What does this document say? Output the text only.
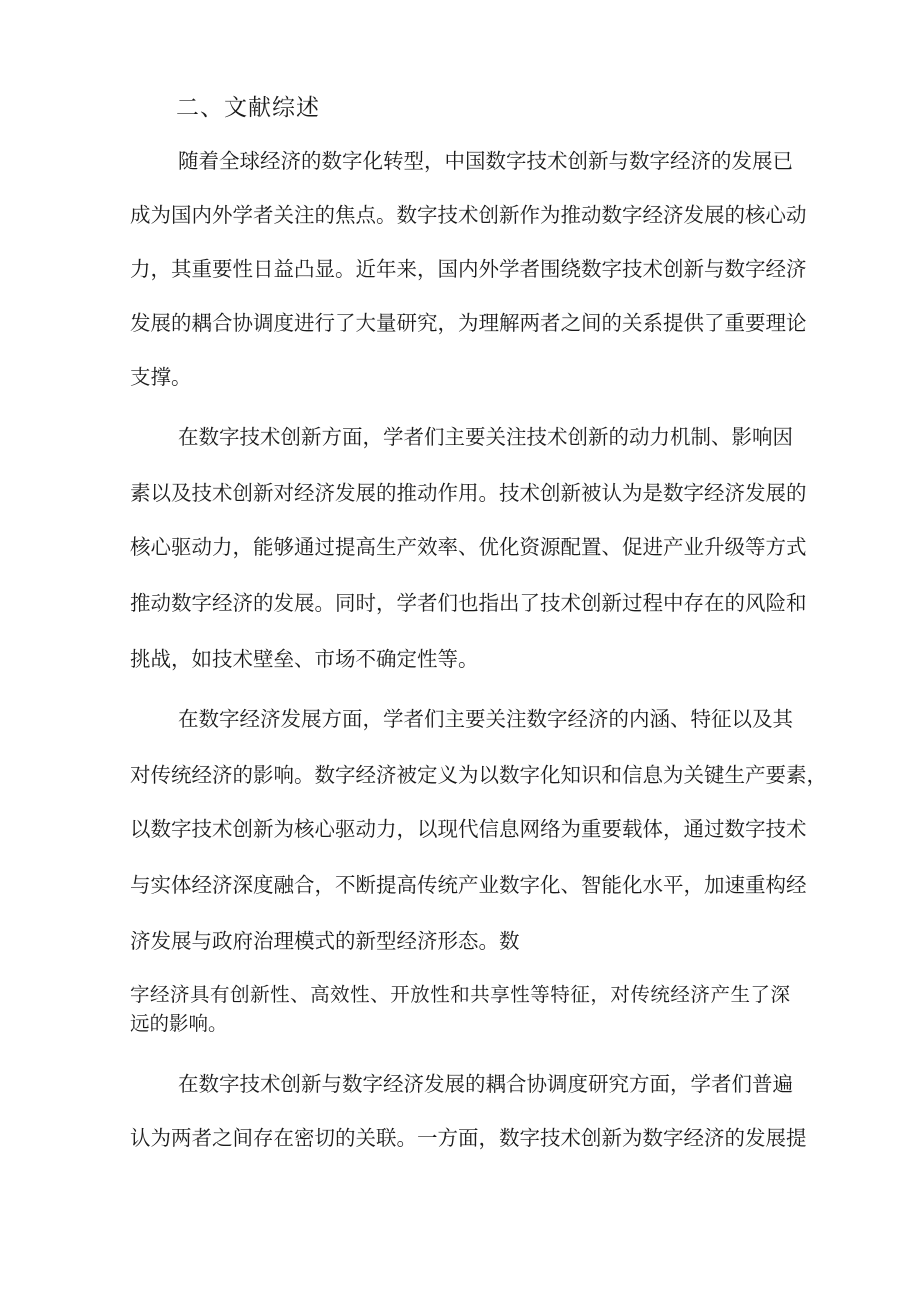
二、文献综述

随着全球经济的数字化转型，中国数字技术创新与数字经济的发展已

成为国内外学者关注的焦点。数字技术创新作为推动数字经济发展的核心动

力，其重要性日益凸显。近年来，国内外学者围绕数字技术创新与数字经济

发展的耦合协调度进行了大量研究，为理解两者之间的关系提供了重要理论

支撑。

在数字技术创新方面，学者们主要关注技术创新的动力机制、影响因

素以及技术创新对经济发展的推动作用。技术创新被认为是数字经济发展的

核心驱动力，能够通过提高生产效率、优化资源配置、促进产业升级等方式

推动数字经济的发展。同时，学者们也指出了技术创新过程中存在的风险和

挑战，如技术壁垒、市场不确定性等。

在数字经济发展方面，学者们主要关注数字经济的内涵、特征以及其

对传统经济的影响。数字经济被定义为以数字化知识和信息为关键生产要素，

以数字技术创新为核心驱动力，以现代信息网络为重要载体，通过数字技术

与实体经济深度融合，不断提高传统产业数字化、智能化水平，加速重构经

济发展与政府治理模式的新型经济形态。数

字经济具有创新性、高效性、开放性和共享性等特征，对传统经济产生了深

远的影响。

在数字技术创新与数字经济发展的耦合协调度研究方面，学者们普遍

认为两者之间存在密切的关联。一方面，数字技术创新为数字经济的发展提
